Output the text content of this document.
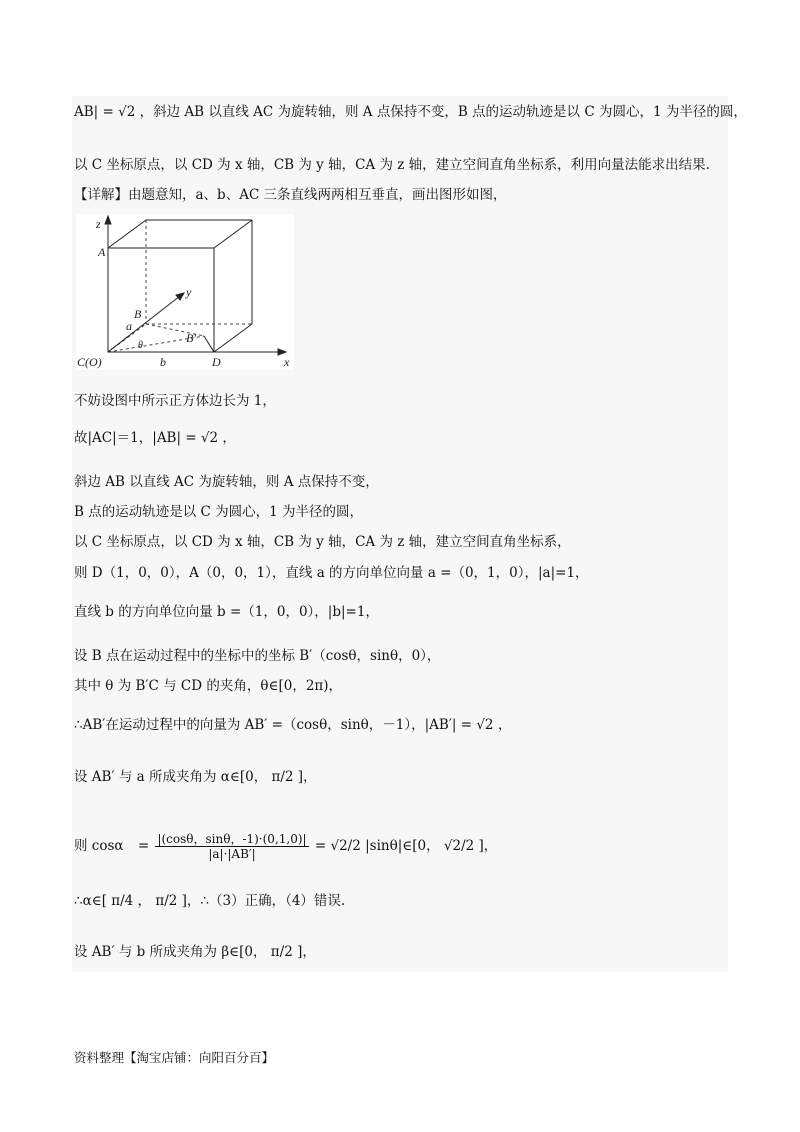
AB| = √2 ，斜边 AB 以直线 AC 为旋转轴，则 A 点保持不变，B 点的运动轨迹是以 C 为圆心，1 为半径的圆，
以 C 坐标原点，以 CD 为 x 轴，CB 为 y 轴，CA 为 z 轴，建立空间直角坐标系，利用向量法能求出结果.
【详解】由题意知，a、b、AC 三条直线两两相互垂直，画出图形如图，
z
y
x
A
B
B′
D
a
b
θ
C(O)
不妨设图中所示正方体边长为 1，
故|AC|＝1，|AB| = √2 ，
斜边 AB 以直线 AC 为旋转轴，则 A 点保持不变，
B 点的运动轨迹是以 C 为圆心，1 为半径的圆，
以 C 坐标原点，以 CD 为 x 轴，CB 为 y 轴，CA 为 z 轴，建立空间直角坐标系，
则 D（1，0，0），A（0，0，1），直线 a 的方向单位向量 a =（0，1，0），|a|=1，
直线 b 的方向单位向量 b =（1，0，0），|b|=1，
设 B 点在运动过程中的坐标中的坐标 B′（cosθ，sinθ，0），
其中 θ 为 B′C 与 CD 的夹角，θ∈[0，2π)，
∴AB′在运动过程中的向量为 AB′ =（cosθ，sinθ，－1），|AB′| = √2 ，
设 AB′ 与 a 所成夹角为 α∈[0， π/2 ]，
则 $\cos\alpha = \frac{|(\cos\theta,\sin\theta,-1)\cdot(0,1,0)|}{|a|\cdot|AB'|} = √2/2$ |sinθ|∈[0， √2/2 ]，
∴α∈[ π/4 ， π/2 ]，∴（3）正确，（4）错误.
设 AB′ 与 b 所成夹角为 β∈[0， π/2 ]，
资料整理【淘宝店铺：向阳百分百】
